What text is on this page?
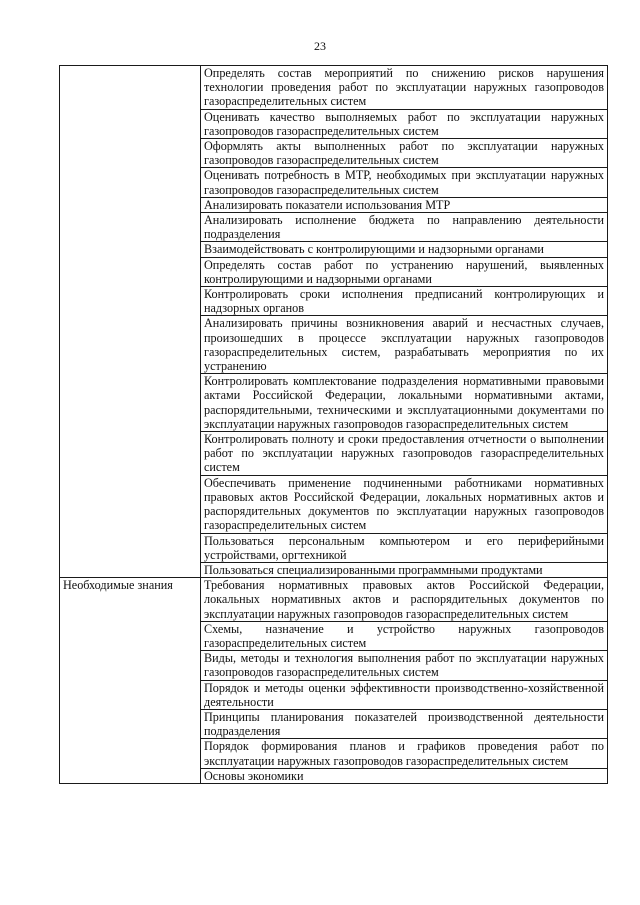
23
	Определять состав мероприятий по снижению рисков нарушения технологии проведения работ по эксплуатации наружных газопроводов газораспределительных систем
	Оценивать качество выполняемых работ по эксплуатации наружных газопроводов газораспределительных систем
	Оформлять акты выполненных работ по эксплуатации наружных газопроводов газораспределительных систем
	Оценивать потребность в МТР, необходимых при эксплуатации наружных газопроводов газораспределительных систем
	Анализировать показатели использования МТР
	Анализировать исполнение бюджета по направлению деятельности подразделения
	Взаимодействовать с контролирующими и надзорными органами
	Определять состав работ по устранению нарушений, выявленных контролирующими и надзорными органами
	Контролировать сроки исполнения предписаний контролирующих и надзорных органов
	Анализировать причины возникновения аварий и несчастных случаев, произошедших в процессе эксплуатации наружных газопроводов газораспределительных систем, разрабатывать мероприятия по их устранению
	Контролировать комплектование подразделения нормативными правовыми актами Российской Федерации, локальными нормативными актами, распорядительными, техническими и эксплуатационными документами по эксплуатации наружных газопроводов газораспределительных систем
	Контролировать полноту и сроки предоставления отчетности о выполнении работ по эксплуатации наружных газопроводов газораспределительных систем
	Обеспечивать применение подчиненными работниками нормативных правовых актов Российской Федерации, локальных нормативных актов и распорядительных документов по эксплуатации наружных газопроводов газораспределительных систем
	Пользоваться персональным компьютером и его периферийными устройствами, оргтехникой
	Пользоваться специализированными программными продуктами
Необходимые знания	Требования нормативных правовых актов Российской Федерации, локальных нормативных актов и распорядительных документов по эксплуатации наружных газопроводов газораспределительных систем
	Схемы, назначение и устройство наружных газопроводов газораспределительных систем
	Виды, методы и технология выполнения работ по эксплуатации наружных газопроводов газораспределительных систем
	Порядок и методы оценки эффективности производственно-хозяйственной деятельности
	Принципы планирования показателей производственной деятельности подразделения
	Порядок формирования планов и графиков проведения работ по эксплуатации наружных газопроводов газораспределительных систем
	Основы экономики
